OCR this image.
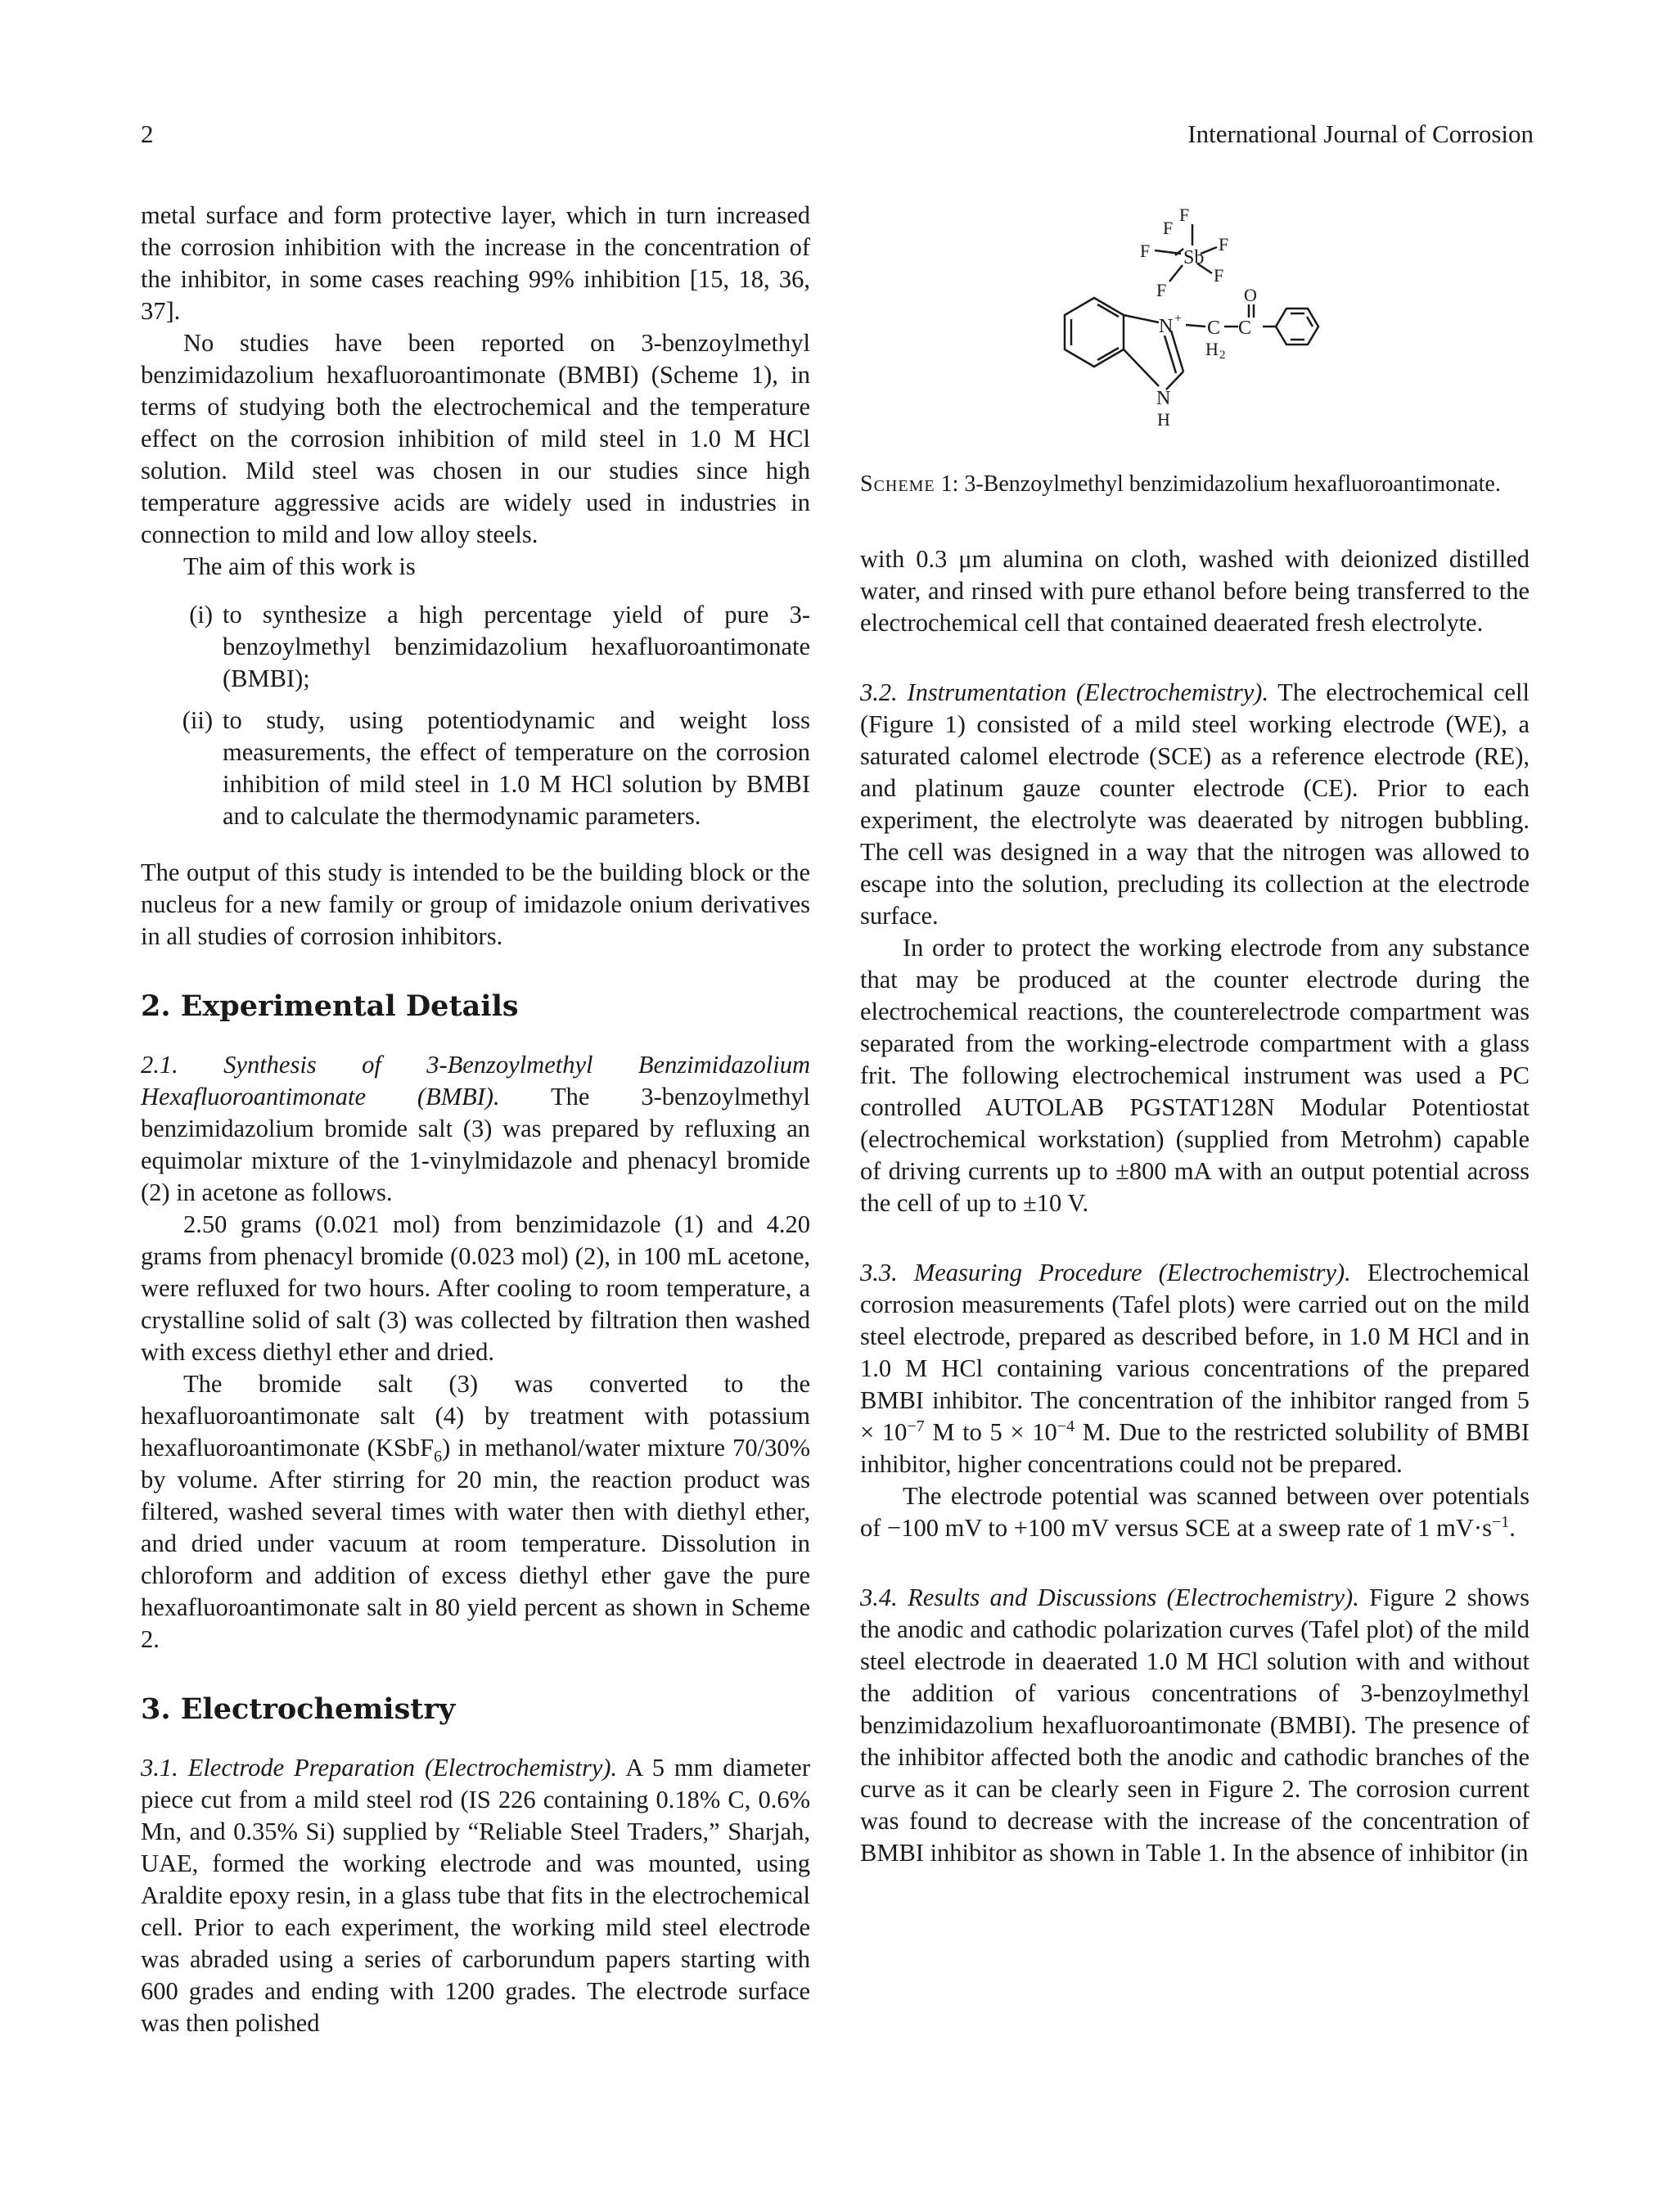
2	International Journal of Corrosion

metal surface and form protective layer, which in turn increased the corrosion inhibition with the increase in the concentration of the inhibitor, in some cases reaching 99% inhibition [15, 18, 36, 37].

No studies have been reported on 3-benzoylmethyl benzimidazolium hexafluoroantimonate (BMBI) (Scheme 1), in terms of studying both the electrochemical and the temperature effect on the corrosion inhibition of mild steel in 1.0 M HCl solution. Mild steel was chosen in our studies since high temperature aggressive acids are widely used in industries in connection to mild and low alloy steels.

The aim of this work is

(i) to synthesize a high percentage yield of pure 3-benzoylmethyl benzimidazolium hexafluoroantimonate (BMBI);
(ii) to study, using potentiodynamic and weight loss measurements, the effect of temperature on the corrosion inhibition of mild steel in 1.0 M HCl solution by BMBI and to calculate the thermodynamic parameters.

The output of this study is intended to be the building block or the nucleus for a new family or group of imidazole onium derivatives in all studies of corrosion inhibitors.

2. Experimental Details

2.1. Synthesis of 3-Benzoylmethyl Benzimidazolium Hexafluoroantimonate (BMBI). The 3-benzoylmethyl benzimidazolium bromide salt (3) was prepared by refluxing an equimolar mixture of the 1-vinylmidazole and phenacyl bromide (2) in acetone as follows.

2.50 grams (0.021 mol) from benzimidazole (1) and 4.20 grams from phenacyl bromide (0.023 mol) (2), in 100 mL acetone, were refluxed for two hours. After cooling to room temperature, a crystalline solid of salt (3) was collected by filtration then washed with excess diethyl ether and dried.

The bromide salt (3) was converted to the hexafluoroantimonate salt (4) by treatment with potassium hexafluoroantimonate (KSbF$_6$) in methanol/water mixture 70/30% by volume. After stirring for 20 min, the reaction product was filtered, washed several times with water then with diethyl ether, and dried under vacuum at room temperature. Dissolution in chloroform and addition of excess diethyl ether gave the pure hexafluoroantimonate salt in 80 yield percent as shown in Scheme 2.

3. Electrochemistry

3.1. Electrode Preparation (Electrochemistry). A 5 mm diameter piece cut from a mild steel rod (IS 226 containing 0.18% C, 0.6% Mn, and 0.35% Si) supplied by “Reliable Steel Traders,” Sharjah, UAE, formed the working electrode and was mounted, using Araldite epoxy resin, in a glass tube that fits in the electrochemical cell. Prior to each experiment, the working mild steel electrode was abraded using a series of carborundum papers starting with 600 grades and ending with 1200 grades. The electrode surface was then polished

Sb
F
F
F	F
F
F
N + C C
O
H 2
N
H
Scheme 1: 3-Benzoylmethyl benzimidazolium hexafluoroantimonate.

with 0.3 μm alumina on cloth, washed with deionized distilled water, and rinsed with pure ethanol before being transferred to the electrochemical cell that contained deaerated fresh electrolyte.

3.2. Instrumentation (Electrochemistry). The electrochemical cell (Figure 1) consisted of a mild steel working electrode (WE), a saturated calomel electrode (SCE) as a reference electrode (RE), and platinum gauze counter electrode (CE). Prior to each experiment, the electrolyte was deaerated by nitrogen bubbling. The cell was designed in a way that the nitrogen was allowed to escape into the solution, precluding its collection at the electrode surface.

In order to protect the working electrode from any substance that may be produced at the counter electrode during the electrochemical reactions, the counterelectrode compartment was separated from the working-electrode compartment with a glass frit. The following electrochemical instrument was used a PC controlled AUTOLAB PGSTAT128N Modular Potentiostat (electrochemical workstation) (supplied from Metrohm) capable of driving currents up to ±800 mA with an output potential across the cell of up to ±10 V.

3.3. Measuring Procedure (Electrochemistry). Electrochemical corrosion measurements (Tafel plots) were carried out on the mild steel electrode, prepared as described before, in 1.0 M HCl and in 1.0 M HCl containing various concentrations of the prepared BMBI inhibitor. The concentration of the inhibitor ranged from $5 \times 10^{-7}$ M to $5 \times 10^{-4}$ M. Due to the restricted solubility of BMBI inhibitor, higher concentrations could not be prepared.

The electrode potential was scanned between over potentials of −100 mV to +100 mV versus SCE at a sweep rate of 1 $mV\cdot s^{-1}$.

3.4. Results and Discussions (Electrochemistry). Figure 2 shows the anodic and cathodic polarization curves (Tafel plot) of the mild steel electrode in deaerated 1.0 M HCl solution with and without the addition of various concentrations of 3-benzoylmethyl benzimidazolium hexafluoroantimonate (BMBI). The presence of the inhibitor affected both the anodic and cathodic branches of the curve as it can be clearly seen in Figure 2. The corrosion current was found to decrease with the increase of the concentration of BMBI inhibitor as shown in Table 1. In the absence of inhibitor (in
